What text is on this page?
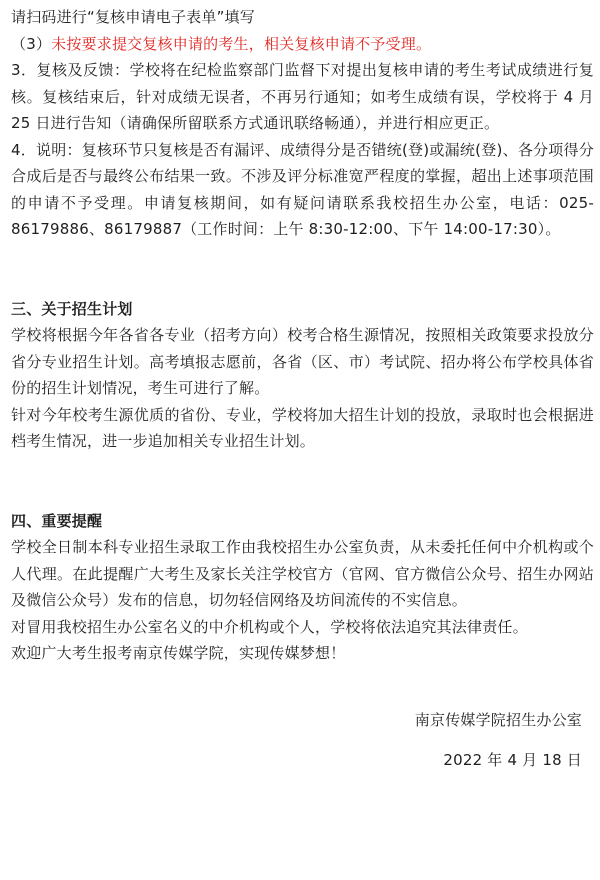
请扫码进行“复核申请电子表单”填写

（3）未按要求提交复核申请的考生，相关复核申请不予受理。

3．复核及反馈：学校将在纪检监察部门监督下对提出复核申请的考生考试成绩进行复核。复核结束后，针对成绩无误者，不再另行通知；如考生成绩有误，学校将于 4 月 25 日进行告知（请确保所留联系方式通讯联络畅通），并进行相应更正。

4．说明：复核环节只复核是否有漏评、成绩得分是否错统(登)或漏统(登)、各分项得分合成后是否与最终公布结果一致。不涉及评分标准宽严程度的掌握，超出上述事项范围的申请不予受理。申请复核期间，如有疑问请联系我校招生办公室，电话：025-86179886、86179887（工作时间：上午 8:30-12:00、下午 14:00-17:30）。

三、关于招生计划

学校将根据今年各省各专业（招考方向）校考合格生源情况，按照相关政策要求投放分省分专业招生计划。高考填报志愿前，各省（区、市）考试院、招办将公布学校具体省份的招生计划情况，考生可进行了解。

针对今年校考生源优质的省份、专业，学校将加大招生计划的投放，录取时也会根据进档考生情况，进一步追加相关专业招生计划。

四、重要提醒

学校全日制本科专业招生录取工作由我校招生办公室负责，从未委托任何中介机构或个人代理。在此提醒广大考生及家长关注学校官方（官网、官方微信公众号、招生办网站及微信公众号）发布的信息，切勿轻信网络及坊间流传的不实信息。

对冒用我校招生办公室名义的中介机构或个人，学校将依法追究其法律责任。

欢迎广大考生报考南京传媒学院，实现传媒梦想！

南京传媒学院招生办公室

2022 年 4 月 18 日
